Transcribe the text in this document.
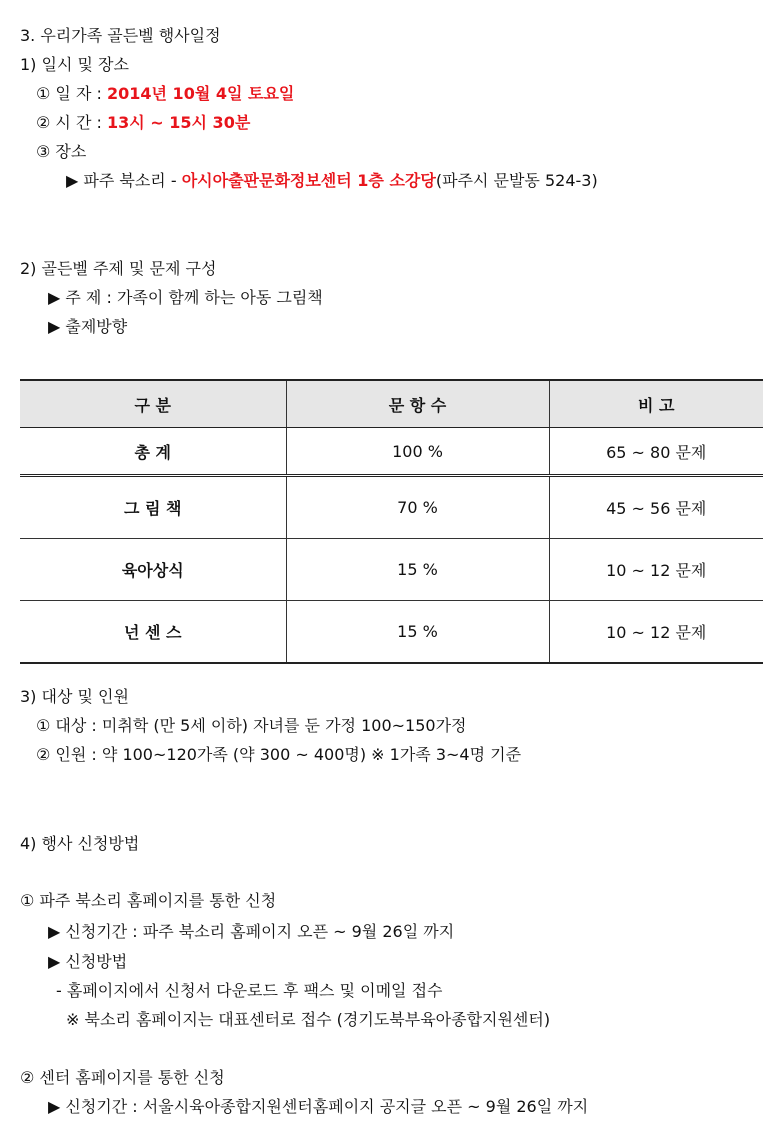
3. 우리가족 골든벨 행사일정
1) 일시 및 장소
① 일 자 : 2014년 10월 4일 토요일
② 시 간 : 13시 ~ 15시 30분
③ 장소
▶ 파주 북소리 - 아시아출판문화정보센터 1층 소강당(파주시 문발동 524-3)
2) 골든벨 주제 및 문제 구성
▶ 주 제 : 가족이 함께 하는 아동 그림책
▶ 출제방향
구 분	문 항 수	비 고
총 계	100 %	65 ~ 80 문제
그 림 책	70 %	45 ~ 56 문제
육아상식	15 %	10 ~ 12 문제
넌 센 스	15 %	10 ~ 12 문제
3) 대상 및 인원
① 대상 : 미취학 (만 5세 이하) 자녀를 둔 가정 100~150가정
② 인원 : 약 100~120가족 (약 300 ~ 400명) ※ 1가족 3~4명 기준
4) 행사 신청방법
① 파주 북소리 홈페이지를 통한 신청
▶ 신청기간 : 파주 북소리 홈페이지 오픈 ~ 9월 26일 까지
▶ 신청방법
- 홈페이지에서 신청서 다운로드 후 팩스 및 이메일 접수
※ 북소리 홈페이지는 대표센터로 접수 (경기도북부육아종합지원센터)
② 센터 홈페이지를 통한 신청
▶ 신청기간 : 서울시육아종합지원센터홈페이지 공지글 오픈 ~ 9월 26일 까지
